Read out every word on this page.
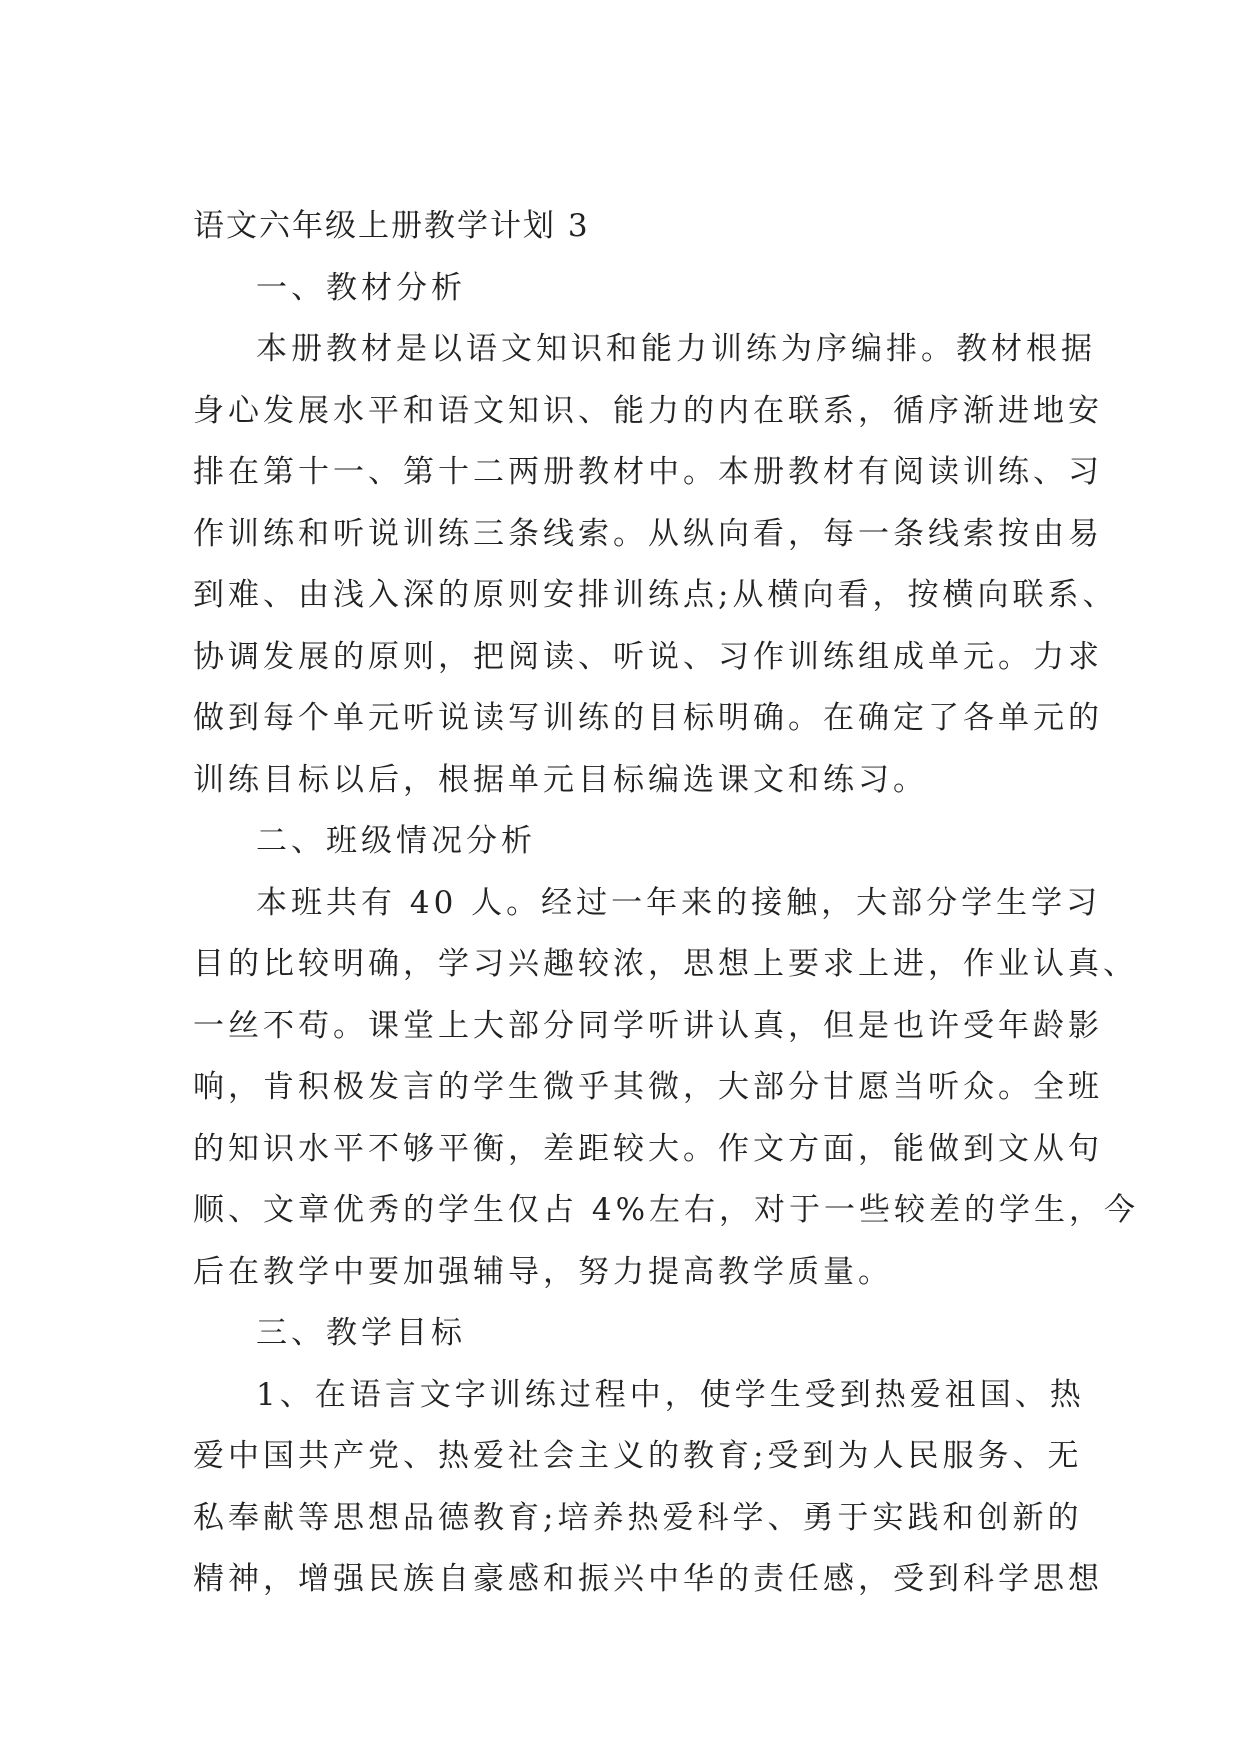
语文六年级上册教学计划 3
一、教材分析
本册教材是以语文知识和能力训练为序编排。教材根据
身心发展水平和语文知识、能力的内在联系，循序渐进地安
排在第十一、第十二两册教材中。本册教材有阅读训练、习
作训练和听说训练三条线索。从纵向看，每一条线索按由易
到难、由浅入深的原则安排训练点;从横向看，按横向联系、
协调发展的原则，把阅读、听说、习作训练组成单元。力求
做到每个单元听说读写训练的目标明确。在确定了各单元的
训练目标以后，根据单元目标编选课文和练习。
二、班级情况分析
本班共有 40 人。经过一年来的接触，大部分学生学习
目的比较明确，学习兴趣较浓，思想上要求上进，作业认真、
一丝不苟。课堂上大部分同学听讲认真，但是也许受年龄影
响，肯积极发言的学生微乎其微，大部分甘愿当听众。全班
的知识水平不够平衡，差距较大。作文方面，能做到文从句
顺、文章优秀的学生仅占 4%左右，对于一些较差的学生，今
后在教学中要加强辅导，努力提高教学质量。
三、教学目标
1、在语言文字训练过程中，使学生受到热爱祖国、热
爱中国共产党、热爱社会主义的教育;受到为人民服务、无
私奉献等思想品德教育;培养热爱科学、勇于实践和创新的
精神，增强民族自豪感和振兴中华的责任感，受到科学思想
